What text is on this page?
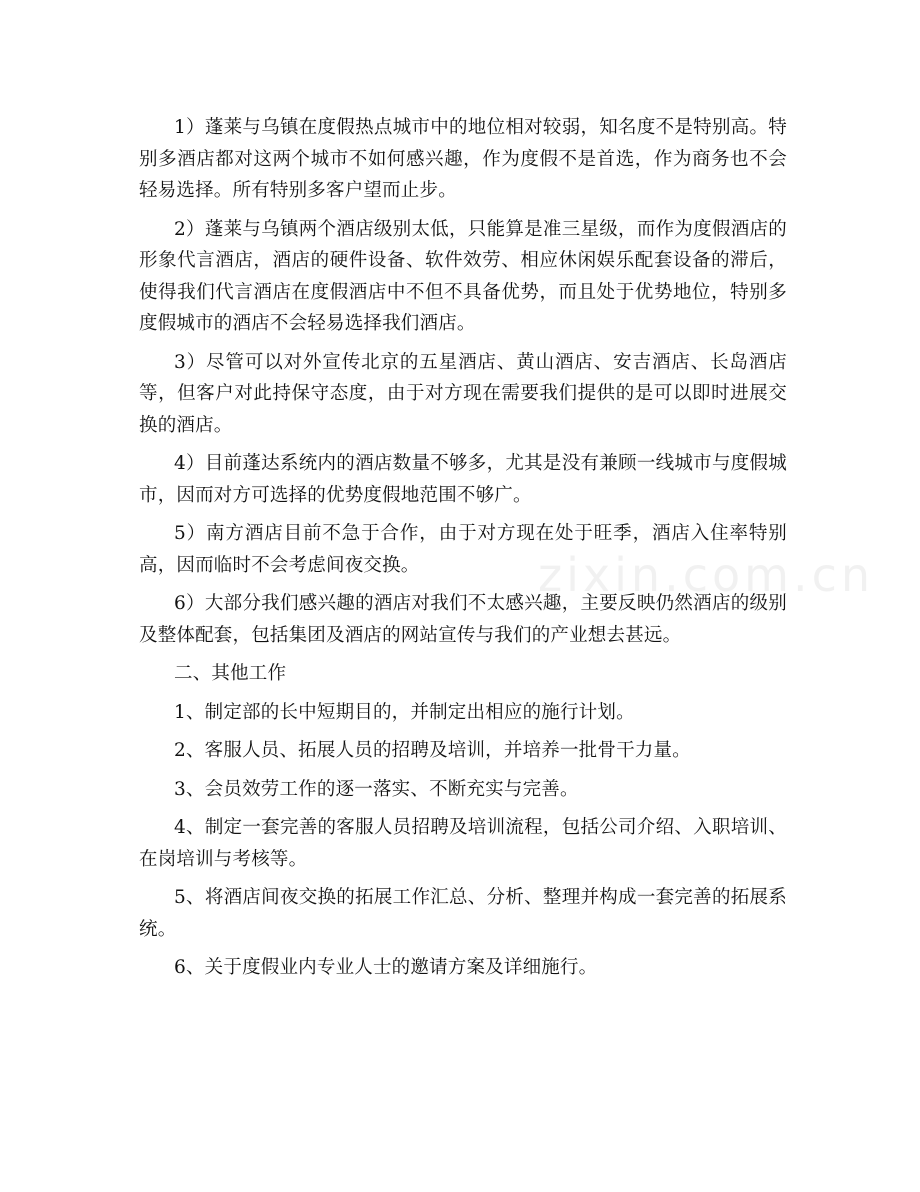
1）蓬莱与乌镇在度假热点城市中的地位相对较弱，知名度不是特别高。特别多酒店都对这两个城市不如何感兴趣，作为度假不是首选，作为商务也不会轻易选择。所有特别多客户望而止步。

2）蓬莱与乌镇两个酒店级别太低，只能算是准三星级，而作为度假酒店的形象代言酒店，酒店的硬件设备、软件效劳、相应休闲娱乐配套设备的滞后，使得我们代言酒店在度假酒店中不但不具备优势，而且处于优势地位，特别多度假城市的酒店不会轻易选择我们酒店。

3）尽管可以对外宣传北京的五星酒店、黄山酒店、安吉酒店、长岛酒店等，但客户对此持保守态度，由于对方现在需要我们提供的是可以即时进展交换的酒店。

4）目前蓬达系统内的酒店数量不够多，尤其是没有兼顾一线城市与度假城市，因而对方可选择的优势度假地范围不够广。

5）南方酒店目前不急于合作，由于对方现在处于旺季，酒店入住率特别高，因而临时不会考虑间夜交换。

6）大部分我们感兴趣的酒店对我们不太感兴趣，主要反映仍然酒店的级别及整体配套，包括集团及酒店的网站宣传与我们的产业想去甚远。

二、其他工作

1、制定部的长中短期目的，并制定出相应的施行计划。

2、客服人员、拓展人员的招聘及培训，并培养一批骨干力量。

3、会员效劳工作的逐一落实、不断充实与完善。

4、制定一套完善的客服人员招聘及培训流程，包括公司介绍、入职培训、在岗培训与考核等。

5、将酒店间夜交换的拓展工作汇总、分析、整理并构成一套完善的拓展系统。

6、关于度假业内专业人士的邀请方案及详细施行。

zixin.com.cn
